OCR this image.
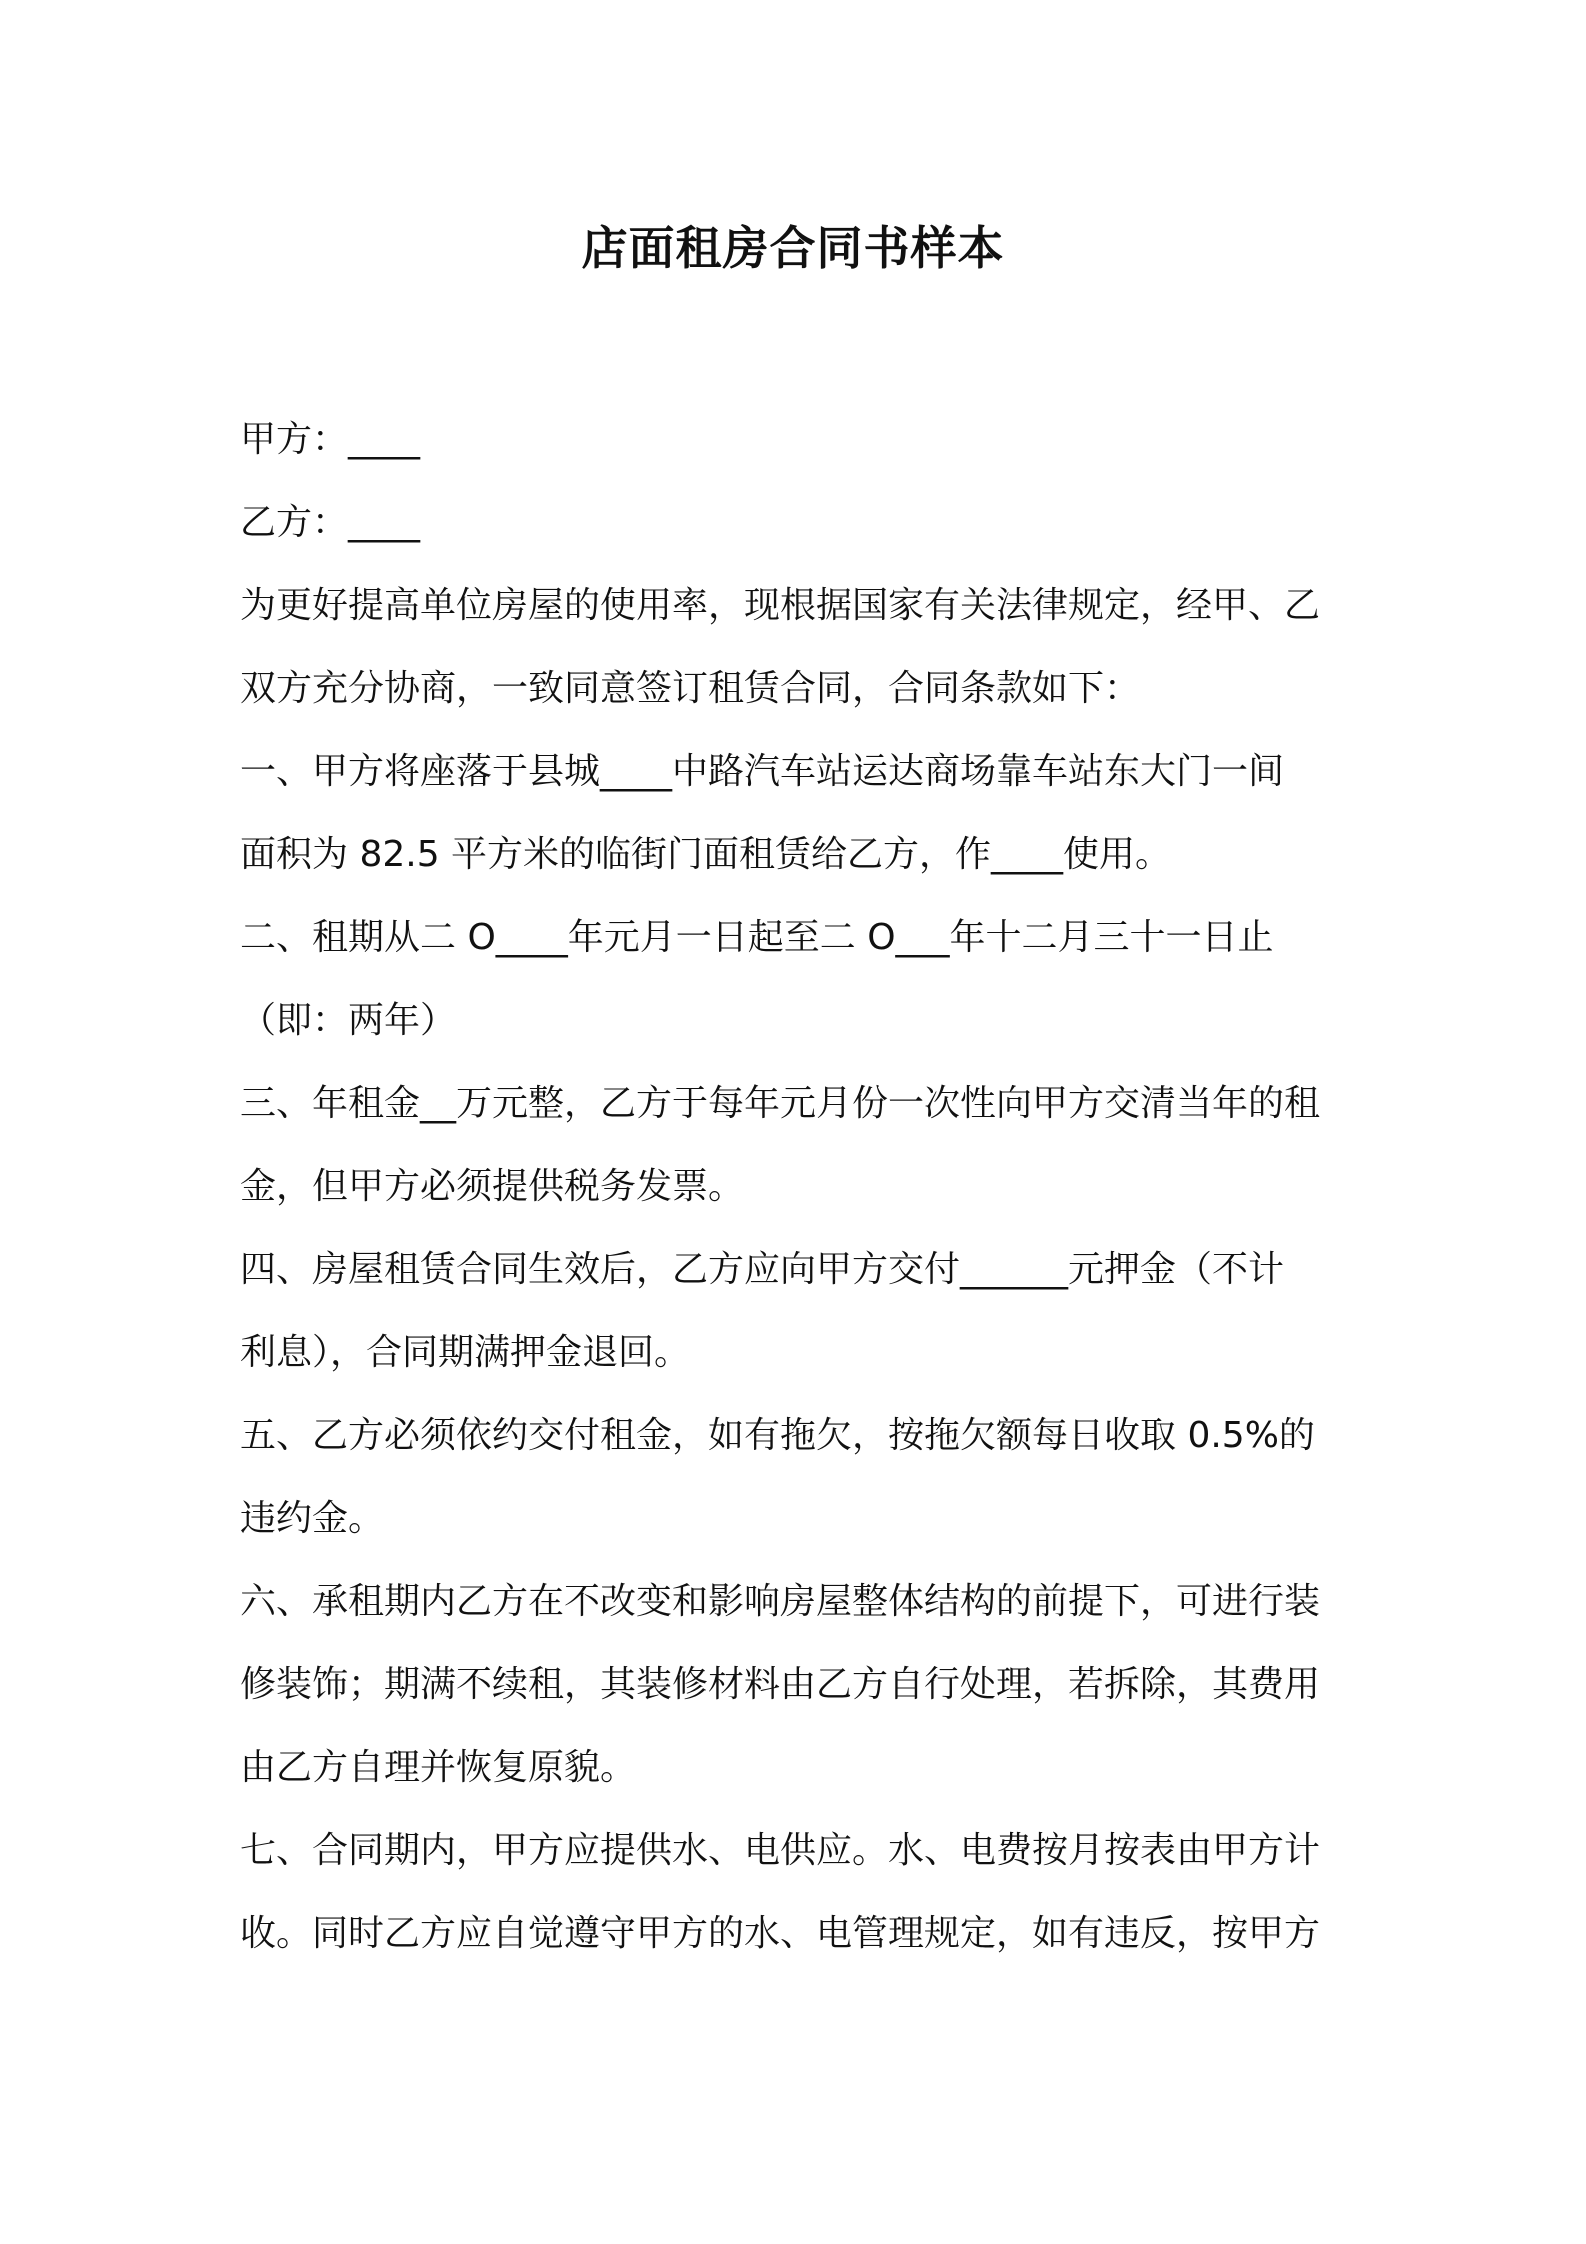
店面租房合同书样本
甲方：____
乙方：____
为更好提高单位房屋的使用率，现根据国家有关法律规定，经甲、乙
双方充分协商，一致同意签订租赁合同，合同条款如下：
一、甲方将座落于县城____中路汽车站运达商场靠车站东大门一间
面积为 82.5 平方米的临街门面租赁给乙方，作____使用。
二、租期从二 O____年元月一日起至二 O___年十二月三十一日止
（即：两年）
三、年租金__万元整，乙方于每年元月份一次性向甲方交清当年的租
金，但甲方必须提供税务发票。
四、房屋租赁合同生效后，乙方应向甲方交付______元押金（不计
利息），合同期满押金退回。
五、乙方必须依约交付租金，如有拖欠，按拖欠额每日收取 0.5%的
违约金。
六、承租期内乙方在不改变和影响房屋整体结构的前提下，可进行装
修装饰；期满不续租，其装修材料由乙方自行处理，若拆除，其费用
由乙方自理并恢复原貌。
七、合同期内，甲方应提供水、电供应。水、电费按月按表由甲方计
收。同时乙方应自觉遵守甲方的水、电管理规定，如有违反，按甲方
